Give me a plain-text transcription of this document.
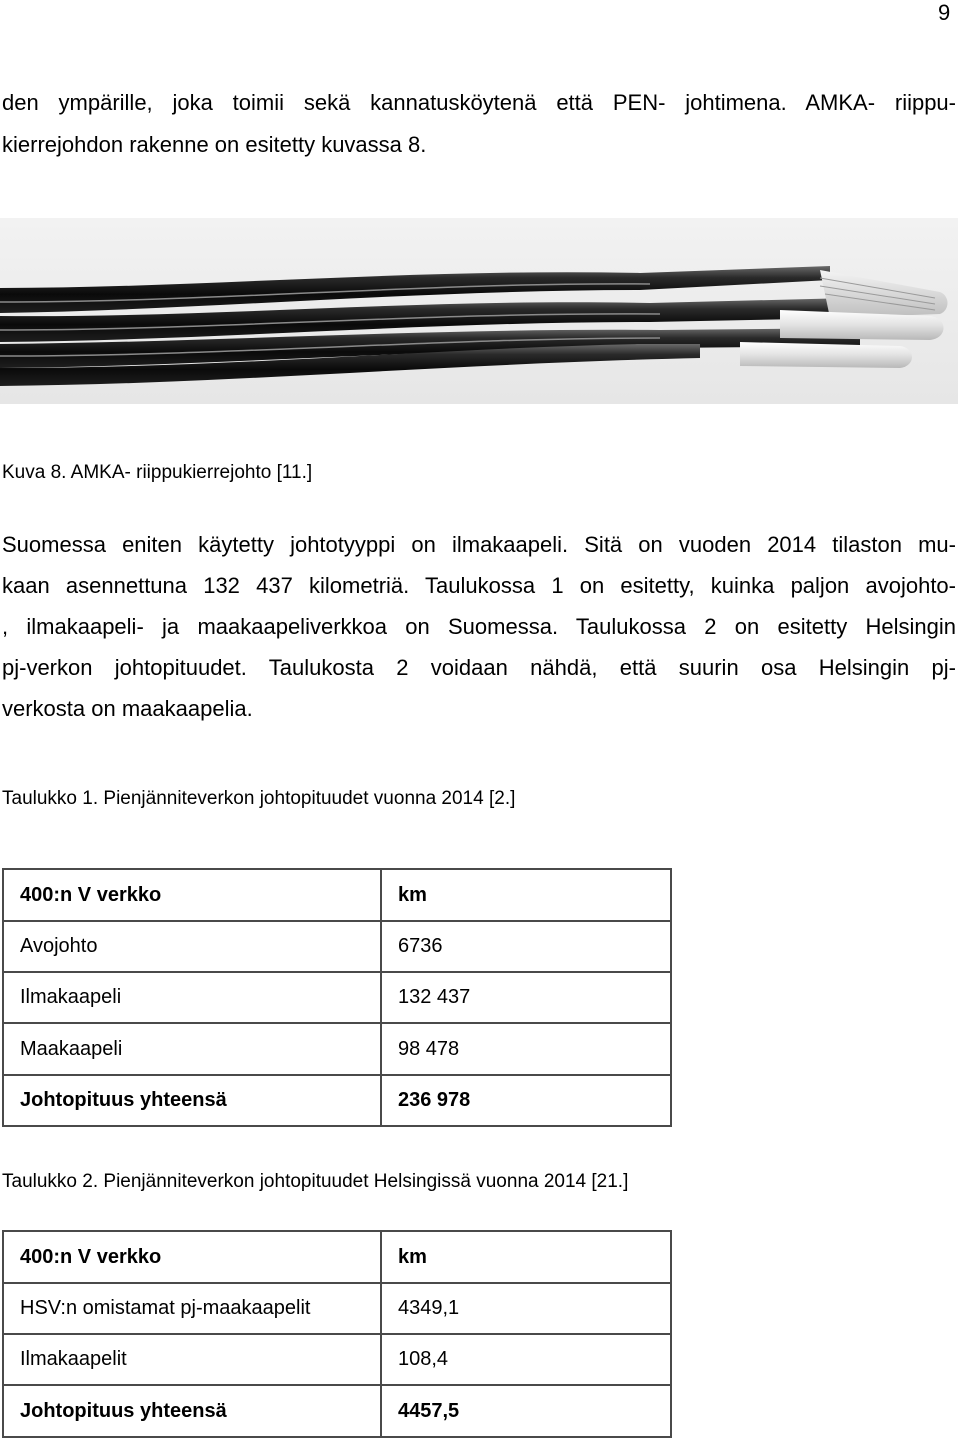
9
den ympärille, joka toimii sekä kannatusköytenä että PEN- johtimena. AMKA- riippu-
kierrejohdon rakenne on esitetty kuvassa 8.
Kuva 8. AMKA- riippukierrejohto [11.]
Suomessa eniten käytetty johtotyyppi on ilmakaapeli. Sitä on vuoden 2014 tilaston mu-
kaan asennettuna 132 437 kilometriä. Taulukossa 1 on esitetty, kuinka paljon avojohto-
, ilmakaapeli- ja maakaapeliverkkoa on Suomessa. Taulukossa 2 on esitetty Helsingin
pj-verkon johtopituudet. Taulukosta 2 voidaan nähdä, että suurin osa Helsingin pj-
verkosta on maakaapelia.
Taulukko 1. Pienjänniteverkon johtopituudet vuonna 2014 [2.]
400:n V verkko	km
Avojohto	6736
Ilmakaapeli	132 437
Maakaapeli	98 478
Johtopituus yhteensä	236 978
Taulukko 2. Pienjänniteverkon johtopituudet Helsingissä vuonna 2014 [21.]
400:n V verkko	km
HSV:n omistamat pj-maakaapelit	4349,1
Ilmakaapelit	108,4
Johtopituus yhteensä	4457,5
